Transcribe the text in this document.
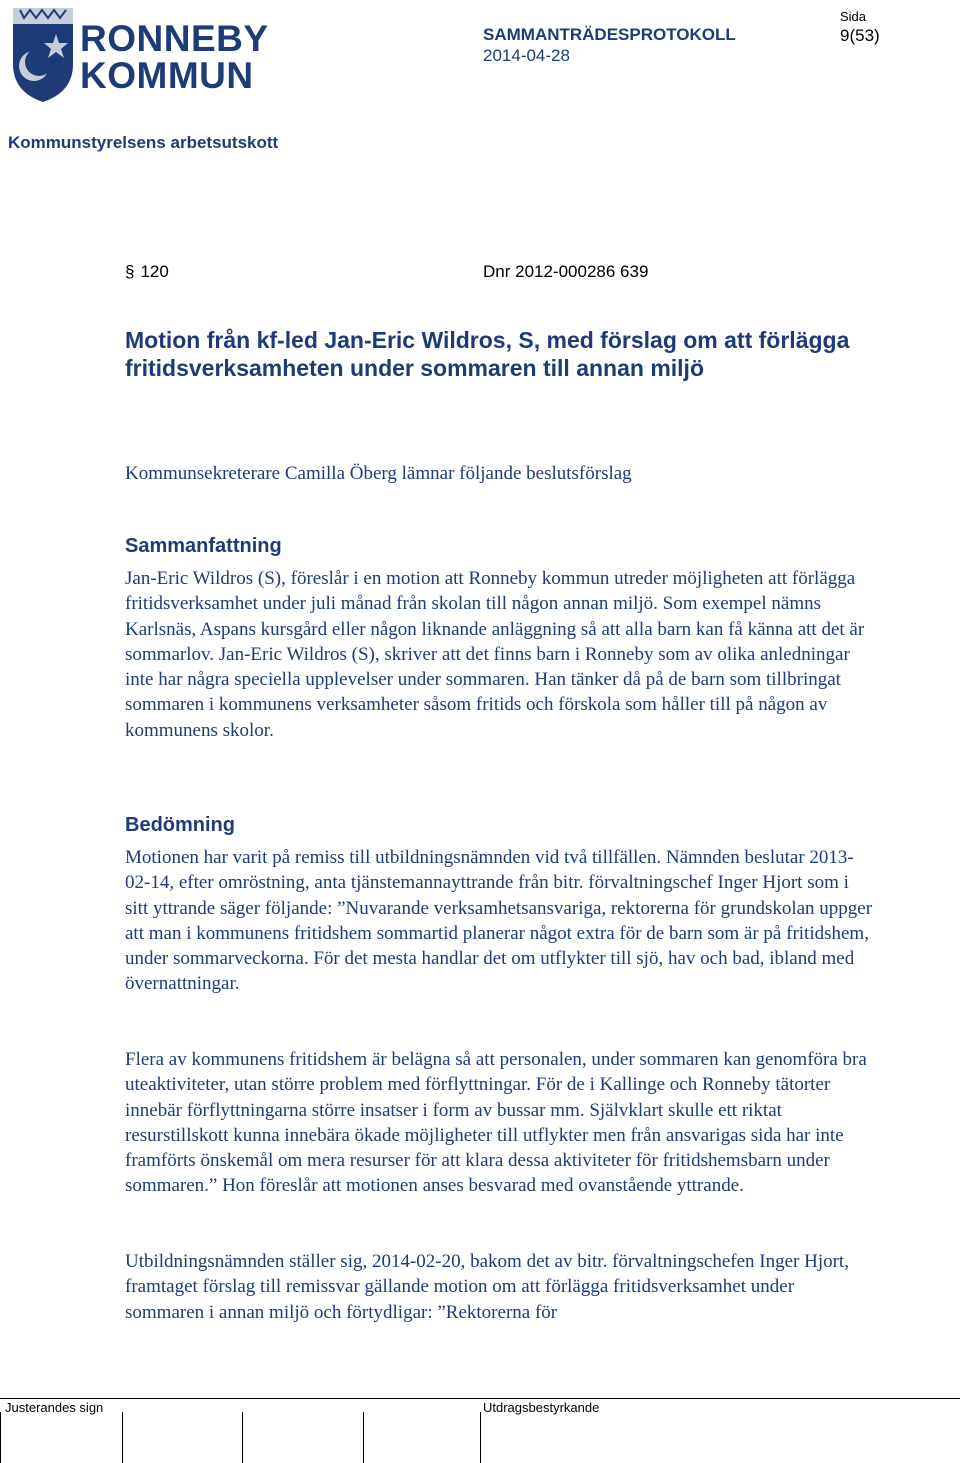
RONNEBY
KOMMUN
SAMMANTRÄDESPROTOKOLL
2014-04-28
Sida
9(53)
Kommunstyrelsens arbetsutskott
§ 120	Dnr 2012-000286 639
Motion från kf-led Jan-Eric Wildros, S, med förslag om att förlägga fritidsverksamheten under sommaren till annan miljö
Kommunsekreterare Camilla Öberg lämnar följande beslutsförslag
Sammanfattning

Jan-Eric Wildros (S), föreslår i en motion att Ronneby kommun utreder möjligheten att förlägga fritidsverksamhet under juli månad från skolan till någon annan miljö. Som exempel nämns Karlsnäs, Aspans kursgård eller någon liknande anläggning så att alla barn kan få känna att det är sommarlov. Jan-Eric Wildros (S), skriver att det finns barn i Ronneby som av olika anledningar inte har några speciella upplevelser under sommaren. Han tänker då på de barn som tillbringat sommaren i kommunens verksamheter såsom fritids och förskola som håller till på någon av kommunens skolor.

Bedömning

Motionen har varit på remiss till utbildningsnämnden vid två tillfällen. Nämnden beslutar 2013-02-14, efter omröstning, anta tjänstemannayttrande från bitr. förvaltningschef Inger Hjort som i sitt yttrande säger följande: ”Nuvarande verksamhetsansvariga, rektorerna för grundskolan uppger att man i kommunens fritidshem sommartid planerar något extra för de barn som är på fritidshem, under sommarveckorna. För det mesta handlar det om utflykter till sjö, hav och bad, ibland med övernattningar.

Flera av kommunens fritidshem är belägna så att personalen, under sommaren kan genomföra bra uteaktiviteter, utan större problem med förflyttningar. För de i Kallinge och Ronneby tätorter innebär förflyttningarna större insatser i form av bussar mm. Självklart skulle ett riktat resurstillskott kunna innebära ökade möjligheter till utflykter men från ansvarigas sida har inte framförts önskemål om mera resurser för att klara dessa aktiviteter för fritidshemsbarn under sommaren.” Hon föreslår att motionen anses besvarad med ovanstående yttrande.

Utbildningsnämnden ställer sig, 2014-02-20, bakom det av bitr. förvaltningschefen Inger Hjort, framtaget förslag till remissvar gällande motion om att förlägga fritidsverksamhet under sommaren i annan miljö och förtydligar: ”Rektorerna för

Justerandes sign	Utdragsbestyrkande
